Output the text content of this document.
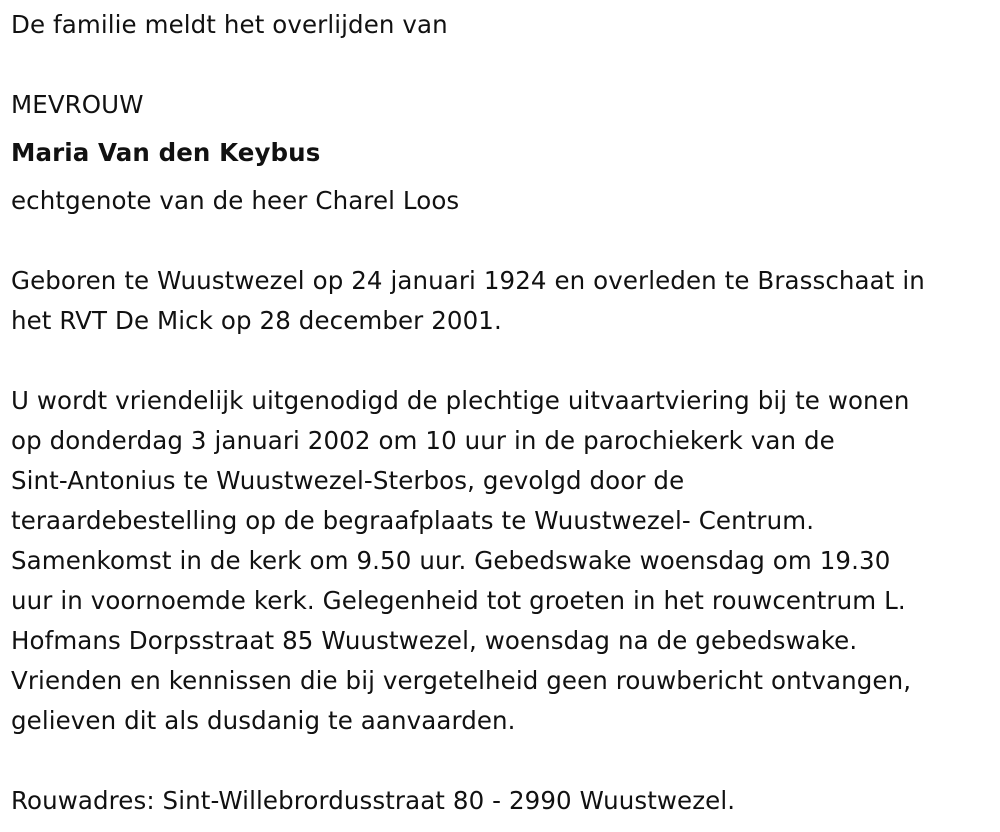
De familie meldt het overlijden van
MEVROUW
Maria Van den Keybus
echtgenote van de heer Charel Loos
Geboren te Wuustwezel op 24 januari 1924 en overleden te Brasschaat in
het RVT De Mick op 28 december 2001.
U wordt vriendelijk uitgenodigd de plechtige uitvaartviering bij te wonen
op donderdag 3 januari 2002 om 10 uur in de parochiekerk van de
Sint-Antonius te Wuustwezel-Sterbos, gevolgd door de
teraardebestelling op de begraafplaats te Wuustwezel- Centrum.
Samenkomst in de kerk om 9.50 uur. Gebedswake woensdag om 19.30
uur in voornoemde kerk. Gelegenheid tot groeten in het rouwcentrum L.
Hofmans Dorpsstraat 85 Wuustwezel, woensdag na de gebedswake.
Vrienden en kennissen die bij vergetelheid geen rouwbericht ontvangen,
gelieven dit als dusdanig te aanvaarden.
Rouwadres: Sint-Willebrordusstraat 80 - 2990 Wuustwezel.
